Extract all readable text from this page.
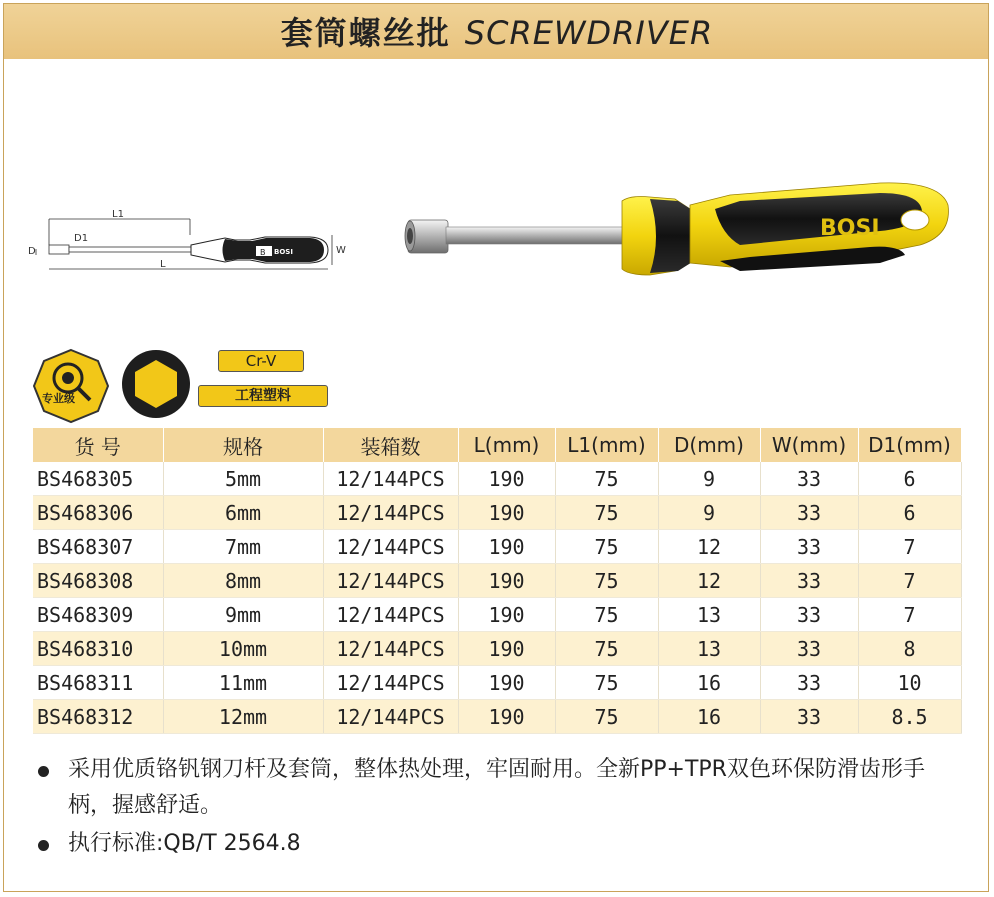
套筒螺丝批 SCREWDRIVER
L1
D
D1
B BOSI	W
L
BOSI
专业级
Cr-V
工程塑料
货 号	规格	装箱数	L(mm)	L1(mm)	D(mm)	W(mm)	D1(mm)
BS468305	5mm	12/144PCS	190	75	9	33	6
BS468306	6mm	12/144PCS	190	75	9	33	6
BS468307	7mm	12/144PCS	190	75	12	33	7
BS468308	8mm	12/144PCS	190	75	12	33	7
BS468309	9mm	12/144PCS	190	75	13	33	7
BS468310	10mm	12/144PCS	190	75	13	33	8
BS468311	11mm	12/144PCS	190	75	16	33	10
BS468312	12mm	12/144PCS	190	75	16	33	8.5
采用优质铬钒钢刀杆及套筒，整体热处理，牢固耐用。全新PP+TPR双色环保防滑齿形手柄，握感舒适。
执行标准:QB/T 2564.8
